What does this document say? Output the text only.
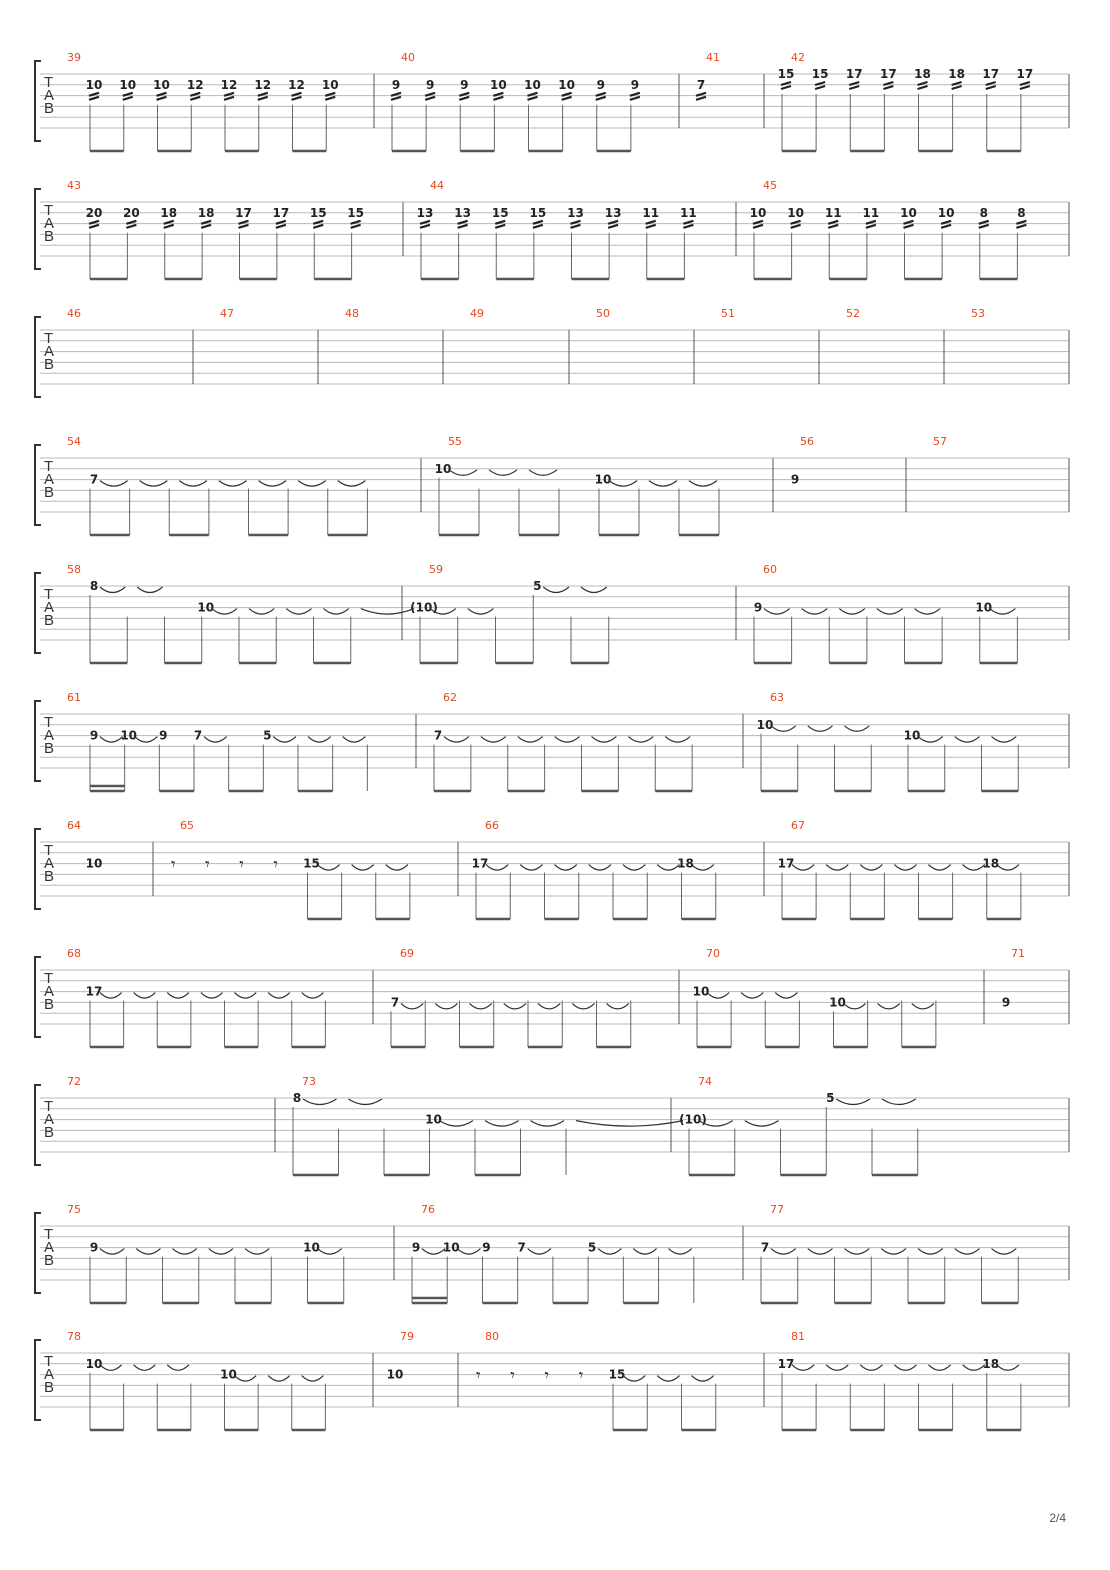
T
A
B
39
10 10 10 12 12 12 12 10
40
9 9 9 10 10 10 9 9
41
7
42
15 15 17 17 18 18 17 17
T
A
B
43
20 20 18 18 17 17 15 15
44
13 13 15 15 13 13 11 11
45
10 10 11 11 10 10 8 8
T
A
B
46	47	48	49	50	51	52	53
T
A
B
54
7
55
10
10
56
9
57
T
A
B
58
8
10
59
(10)
5
60
9	10
T
A
B
61
9 10 9 7	5
62
7
63
10
10
T
A
B
64
10
65
𝄾 𝄾 𝄾 𝄾 15
66
17	18
67
17	18
T
A
B
68
17
69
7
70
10
10
71
9
T
A
B
72	73
8
10
74
(10)
5
T
A
B
75
9	10
76
9 10 9 7	5
77
7
T
A
B
78
10
10
79
10
80
𝄾 𝄾 𝄾 𝄾 15
81
17	18
2/4
